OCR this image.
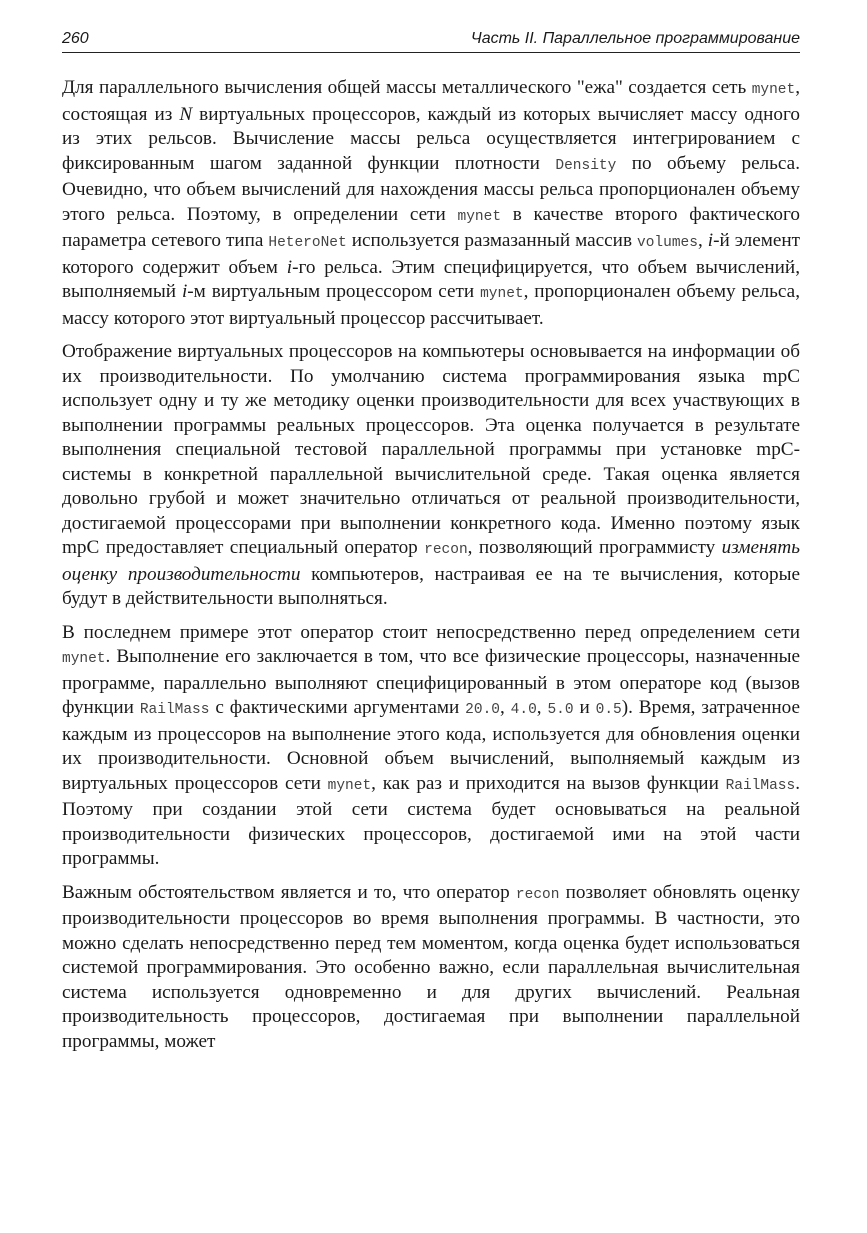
260	Часть II. Параллельное программирование

Для параллельного вычисления общей массы металлического "ежа" создается сеть mynet, состоящая из N виртуальных процессоров, каждый из которых вычисляет массу одного из этих рельсов. Вычисление массы рельса осуществляется интегрированием с фиксированным шагом заданной функции плотности Density по объему рельса. Очевидно, что объем вычислений для нахождения массы рельса пропорционален объему этого рельса. Поэтому, в определении сети mynet в качестве второго фактического параметра сетевого типа HeteroNet используется размазанный массив volumes, i-й элемент которого содержит объем i-го рельса. Этим специфицируется, что объем вычислений, выполняемый i-м виртуальным процессором сети mynet, пропорционален объему рельса, массу которого этот виртуальный процессор рассчитывает.

Отображение виртуальных процессоров на компьютеры основывается на информации об их производительности. По умолчанию система программирования языка mpC использует одну и ту же методику оценки производительности для всех участвующих в выполнении программы реальных процессоров. Эта оценка получается в результате выполнения специальной тестовой параллельной программы при установке mpC-системы в конкретной параллельной вычислительной среде. Такая оценка является довольно грубой и может значительно отличаться от реальной производительности, достигаемой процессорами при выполнении конкретного кода. Именно поэтому язык mpC предоставляет специальный оператор recon, позволяющий программисту изменять оценку производительности компьютеров, настраивая ее на те вычисления, которые будут в действительности выполняться.

В последнем примере этот оператор стоит непосредственно перед определением сети mynet. Выполнение его заключается в том, что все физические процессоры, назначенные программе, параллельно выполняют специфицированный в этом операторе код (вызов функции RailMass с фактическими аргументами 20.0, 4.0, 5.0 и 0.5). Время, затраченное каждым из процессоров на выполнение этого кода, используется для обновления оценки их производительности. Основной объем вычислений, выполняемый каждым из виртуальных процессоров сети mynet, как раз и приходится на вызов функции RailMass. Поэтому при создании этой сети система будет основываться на реальной производительности физических процессоров, достигаемой ими на этой части программы.

Важным обстоятельством является и то, что оператор recon позволяет обновлять оценку производительности процессоров во время выполнения программы. В частности, это можно сделать непосредственно перед тем моментом, когда оценка будет использоваться системой программирования. Это особенно важно, если параллельная вычислительная система используется одновременно и для других вычислений. Реальная производительность процессоров, достигаемая при выполнении параллельной программы, может
